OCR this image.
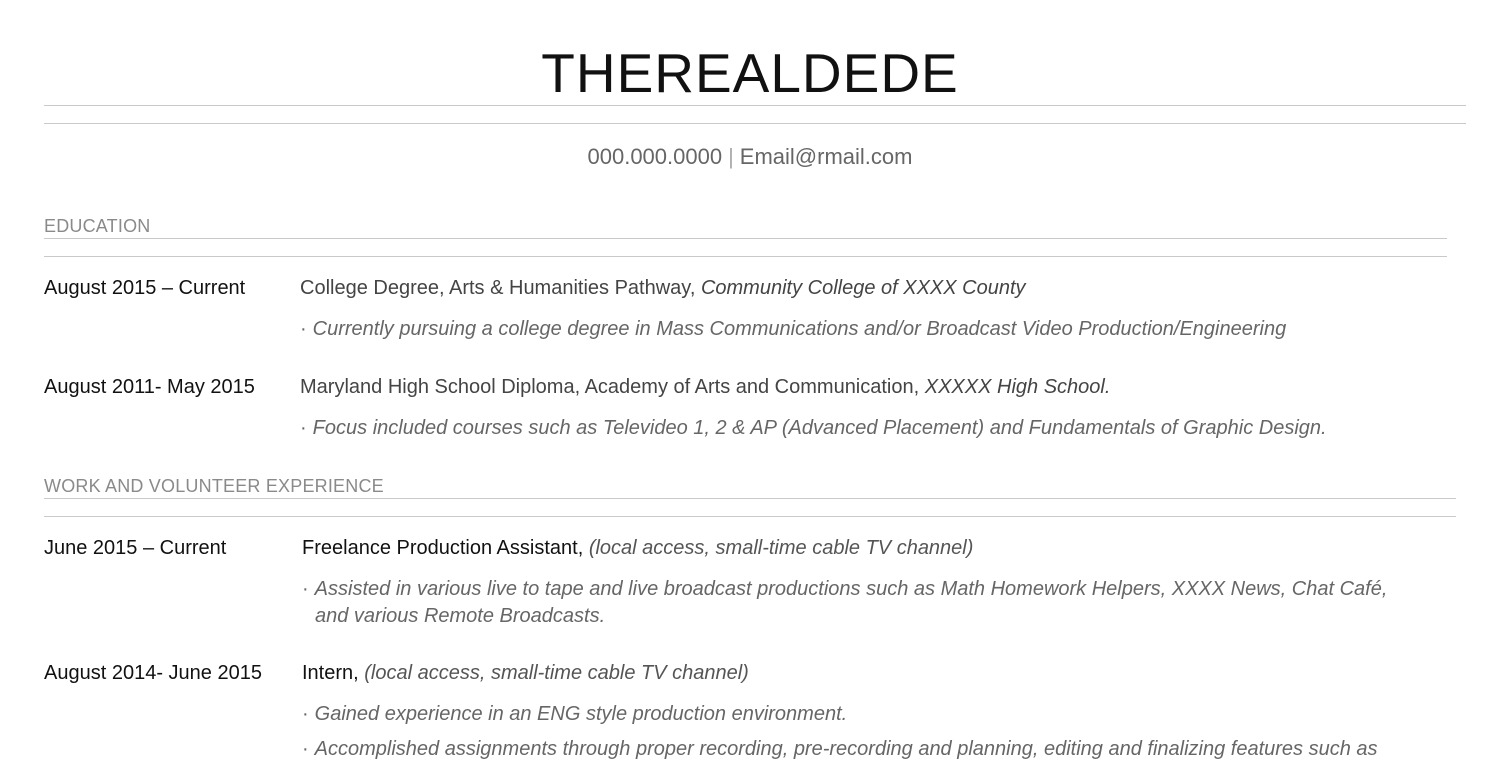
THEREALDEDE
000.000.0000 | Email@rmail.com
EDUCATION
August 2015 – Current	College Degree, Arts & Humanities Pathway, Community College of XXXX County
· Currently pursuing a college degree in Mass Communications and/or Broadcast Video Production/Engineering
August 2011- May 2015 Maryland High School Diploma, Academy of Arts and Communication, XXXXX High School.
· Focus included courses such as Televideo 1, 2 & AP (Advanced Placement) and Fundamentals of Graphic Design.
WORK AND VOLUNTEER EXPERIENCE
June 2015 – Current	Freelance Production Assistant, (local access, small-time cable TV channel)
· Assisted in various live to tape and live broadcast productions such as Math Homework Helpers, XXXX News, Chat Café,
and various Remote Broadcasts.
August 2014- June 2015 Intern, (local access, small-time cable TV channel)
· Gained experience in an ENG style production environment.
· Accomplished assignments through proper recording, pre-recording and planning, editing and finalizing features such as
